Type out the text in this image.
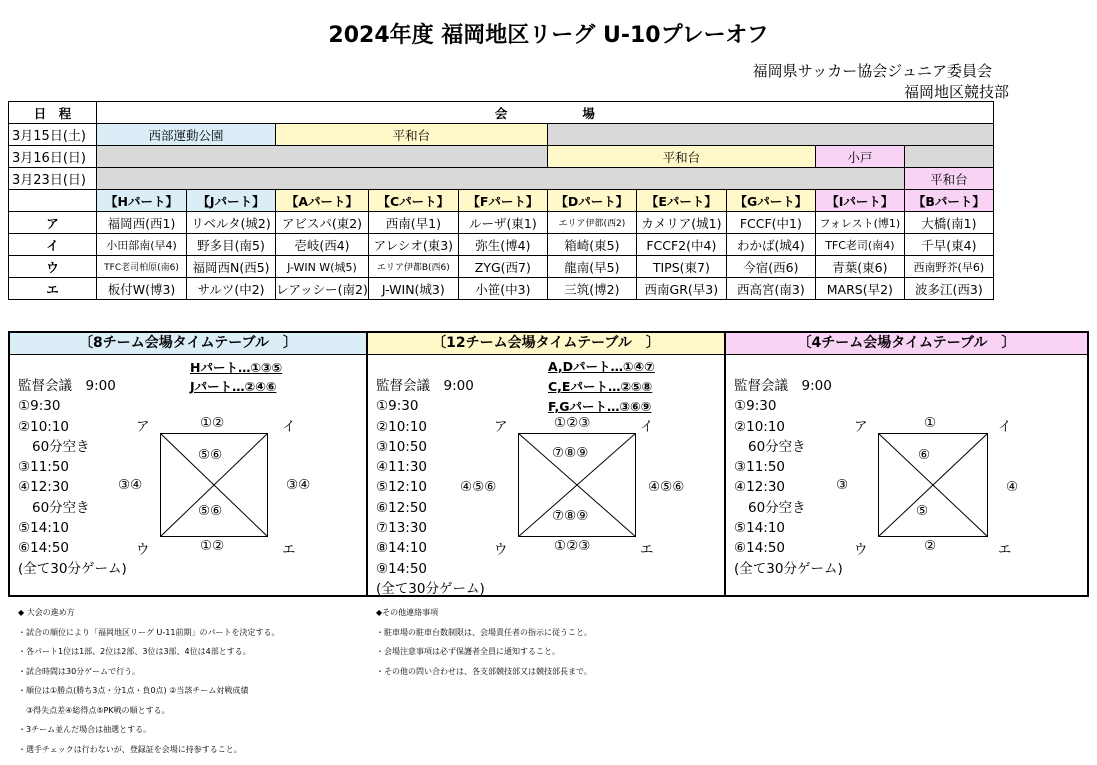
2024年度 福岡地区リーグ U-10プレーオフ
福岡県サッカー協会ジュニア委員会
福岡地区競技部
日　程	会　　　　　　場									
3月15日(土)	西部運動公園		平和台							
3月16日(日)						平和台			小戸	
3月23日(日)										平和台
	【Hパート】	【Jパート】	【Aパート】	【Cパート】	【Fパート】	【Dパート】	【Eパート】	【Gパート】	【Iパート】	【Bパート】
ア	福岡西(西1)	リベルタ(城2)	アビスパ(東2)	西南(早1)	ルーザ(東1)	エリア伊都(西2)	カメリア(城1)	FCCF(中1)	フォレスト(博1)	大橋(南1)
イ	小田部南(早4)	野多目(南5)	壱岐(西4)	アレシオ(東3)	弥生(博4)	箱崎(東5)	FCCF2(中4)	わかば(城4)	TFC老司(南4)	千早(東4)
ウ	TFC老司柏原(南6)	福岡西N(西5)	J-WIN W(城5)	エリア伊都B(西6)	ZYG(西7)	龍南(早5)	TIPS(東7)	今宿(西6)	青葉(東6)	西南野芥(早6)
エ	板付W(博3)	サルツ(中2)	レアッシー(南2)	J-WIN(城3)	小笹(中3)	三筑(博2)	西南GR(早3)	西高宮(南3)	MARS(早2)	波多江(西3)
〔8チーム会場タイムテーブル　〕
Hパート…①③⑤
Jパート…②④⑥
監督会議　9:00
①9:30
②10:10
60分空き
③11:50
④12:30
60分空き
⑤14:10
⑥14:50
(全て30分ゲーム)
ア	イ
ウ	エ
①②
①②
③④	③④
⑤⑥
⑤⑥
〔12チーム会場タイムテーブル　〕
A,Dパート…①④⑦
C,Eパート…②⑤⑧
F,Gパート…③⑥⑨
監督会議　9:00
①9:30
②10:10
③10:50
④11:30
⑤12:10
⑥12:50
⑦13:30
⑧14:10
⑨14:50
(全て30分ゲーム)
ア	イ
ウ	エ
①②③
①②③
④⑤⑥	④⑤⑥
⑦⑧⑨
⑦⑧⑨
〔4チーム会場タイムテーブル　〕
監督会議　9:00
①9:30
②10:10
60分空き
③11:50
④12:30
60分空き
⑤14:10
⑥14:50
(全て30分ゲーム)
ア	イ
ウ	エ
①
②
③	④
⑥
⑤
◆ 大会の進め方
・試合の順位により「福岡地区リーグ U-11前期」のパートを決定する。
・各パート1位は1部、2位は2部、3位は3部、4位は4部とする。
・試合時間は30分ゲームで行う。
・順位は①勝点(勝ち3点・分1点・負0点) ②当該チーム対戦成績
　③得失点差④総得点⑤PK戦の順とする。
・3チーム並んだ場合は抽選とする。
・選手チェックは行わないが、登録証を会場に持参すること。
◆その他連絡事項
・駐車場の駐車台数制限は、会場責任者の指示に従うこと。
・会場注意事項は必ず保護者全員に通知すること。
・その他の問い合わせは、各支部競技部又は競技部長まで。
